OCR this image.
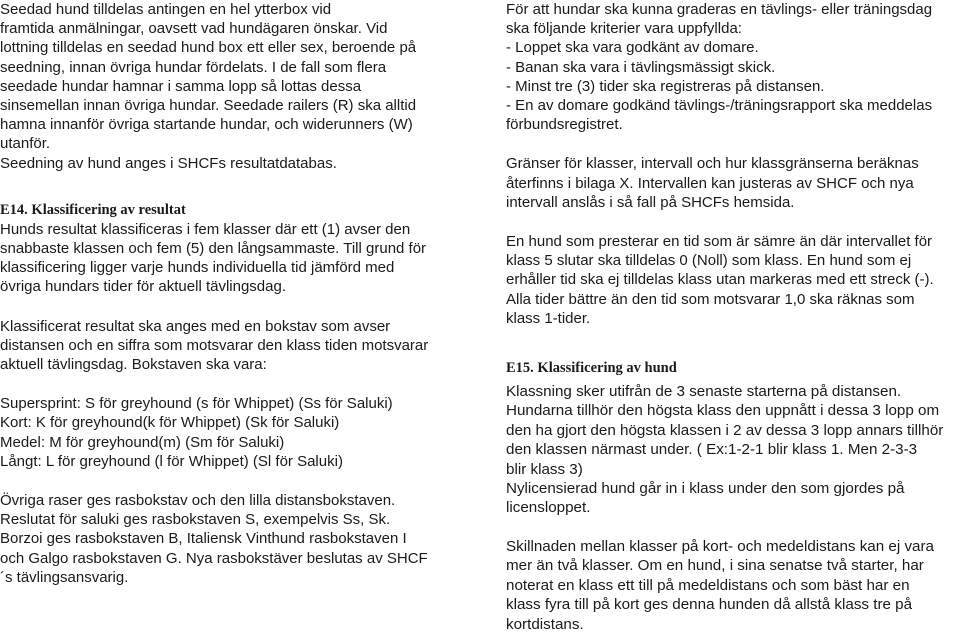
Seedad hund tilldelas antingen en hel ytterbox vid
framtida anmälningar, oavsett vad hundägaren önskar. Vid
lottning tilldelas en seedad hund box ett eller sex, beroende på
seedning, innan övriga hundar fördelats. I de fall som flera
seedade hundar hamnar i samma lopp så lottas dessa
sinsemellan innan övriga hundar. Seedade railers (R) ska alltid
hamna innanför övriga startande hundar, och widerunners (W)
utanför.
Seedning av hund anges i SHCFs resultatdatabas.
E14. Klassificering av resultat
Hunds resultat klassificeras i fem klasser där ett (1) avser den
snabbaste klassen och fem (5) den långsammaste. Till grund för
klassificering ligger varje hunds individuella tid jämförd med
övriga hundars tider för aktuell tävlingsdag.
Klassificerat resultat ska anges med en bokstav som avser
distansen och en siffra som motsvarar den klass tiden motsvarar
aktuell tävlingsdag. Bokstaven ska vara:
Supersprint: S för greyhound (s för Whippet) (Ss för Saluki)
Kort: K för greyhound(k för Whippet) (Sk för Saluki)
Medel: M för greyhound(m) (Sm för Saluki)
Långt: L för greyhound (l för Whippet) (Sl för Saluki)
Övriga raser ges rasbokstav och den lilla distansbokstaven.
Reslutat för saluki ges rasbokstaven S, exempelvis Ss, Sk.
Borzoi ges rasbokstaven B, Italiensk Vinthund rasbokstaven I
och Galgo rasbokstaven G. Nya rasbokstäver beslutas av SHCF
´s tävlingsansvarig.
För att hundar ska kunna graderas en tävlings- eller träningsdag
ska följande kriterier vara uppfyllda:
- Loppet ska vara godkänt av domare.
- Banan ska vara i tävlingsmässigt skick.
- Minst tre (3) tider ska registreras på distansen.
- En av domare godkänd tävlings-/träningsrapport ska meddelas
förbundsregistret.
Gränser för klasser, intervall och hur klassgränserna beräknas
återfinns i bilaga X. Intervallen kan justeras av SHCF och nya
intervall anslås i så fall på SHCFs hemsida.
En hund som presterar en tid som är sämre än där intervallet för
klass 5 slutar ska tilldelas 0 (Noll) som klass. En hund som ej
erhåller tid ska ej tilldelas klass utan markeras med ett streck (-).
Alla tider bättre än den tid som motsvarar 1,0 ska räknas som
klass 1-tider.
E15. Klassificering av hund
Klassning sker utifrån de 3 senaste starterna på distansen.
Hundarna tillhör den högsta klass den uppnått i dessa 3 lopp om
den ha gjort den högsta klassen i 2 av dessa 3 lopp annars tillhör
den klassen närmast under. ( Ex:1-2-1 blir klass 1. Men 2-3-3
blir klass 3)
Nylicensierad hund går in i klass under den som gjordes på
licensloppet.
Skillnaden mellan klasser på kort- och medeldistans kan ej vara
mer än två klasser. Om en hund, i sina senatse två starter, har
noterat en klass ett till på medeldistans och som bäst har en
klass fyra till på kort ges denna hunden då allstå klass tre på
kortdistans.
